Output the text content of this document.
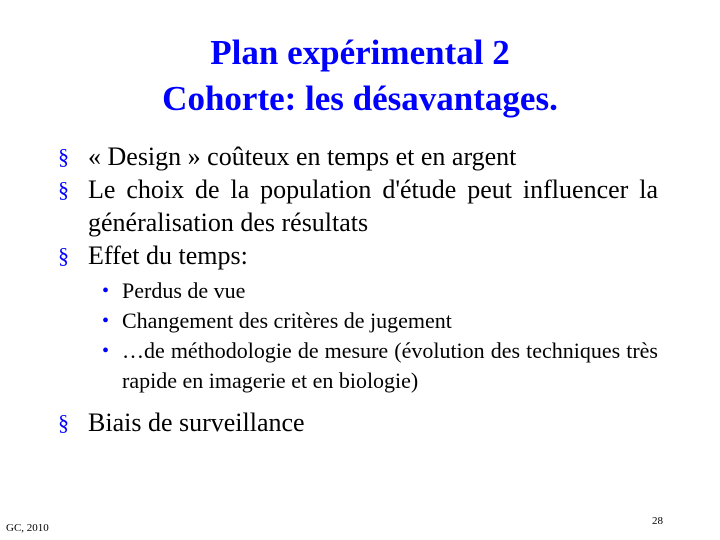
Plan expérimental 2
Cohorte: les désavantages.
§ « Design » coûteux en temps et en argent
§ Le choix de la population d'étude peut influencer la généralisation des résultats
§ Effet du temps:
• Perdus de vue
• Changement des critères de jugement
• …de méthodologie de mesure (évolution des techniques très rapide en imagerie et en biologie)
§ Biais de surveillance
GC, 2010
28
